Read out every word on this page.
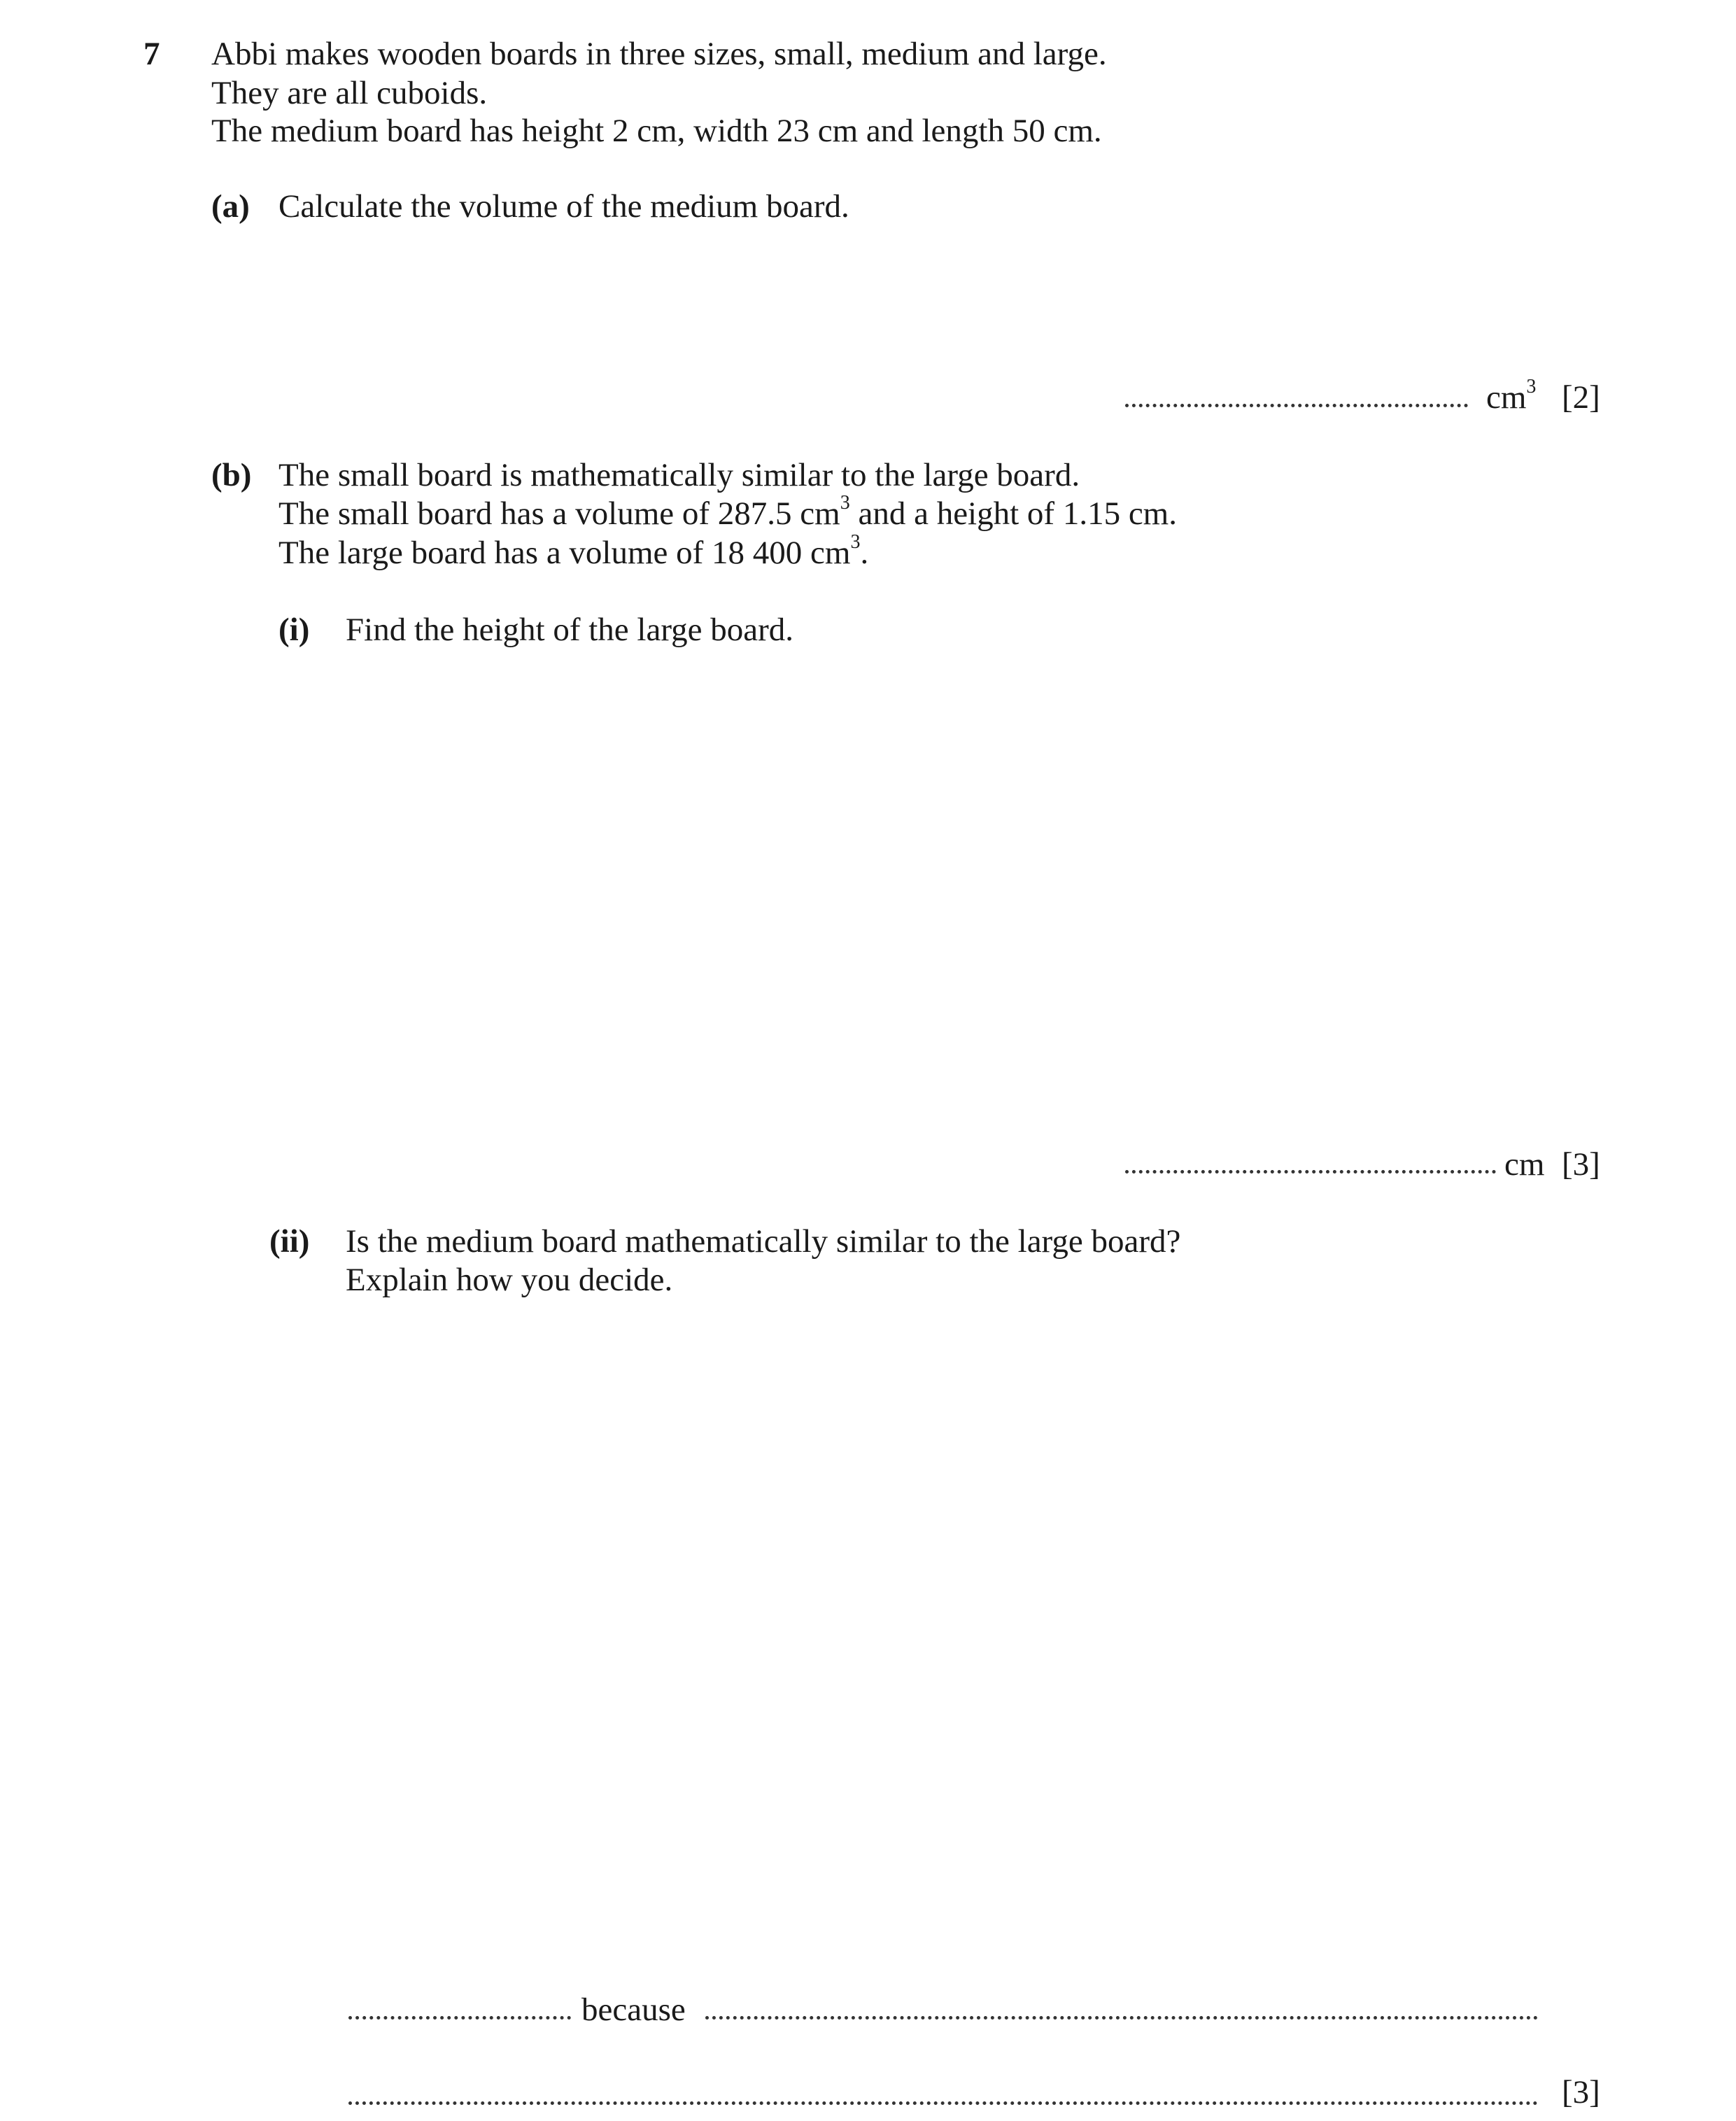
7 Abbi makes wooden boards in three sizes, small, medium and large.
They are all cuboids.
The medium board has height 2 cm, width 23 cm and length 50 cm.
(a) Calculate the volume of the medium board.
$cm^3$ [2]
(b) The small board is mathematically similar to the large board.
The small board has a volume of 287.5 $cm^3$ and a height of 1.15 cm.
The large board has a volume of 18 400 $cm^3$.
(i) Find the height of the large board.
cm [3]
(ii) Is the medium board mathematically similar to the large board?
Explain how you decide.
because
[3]
